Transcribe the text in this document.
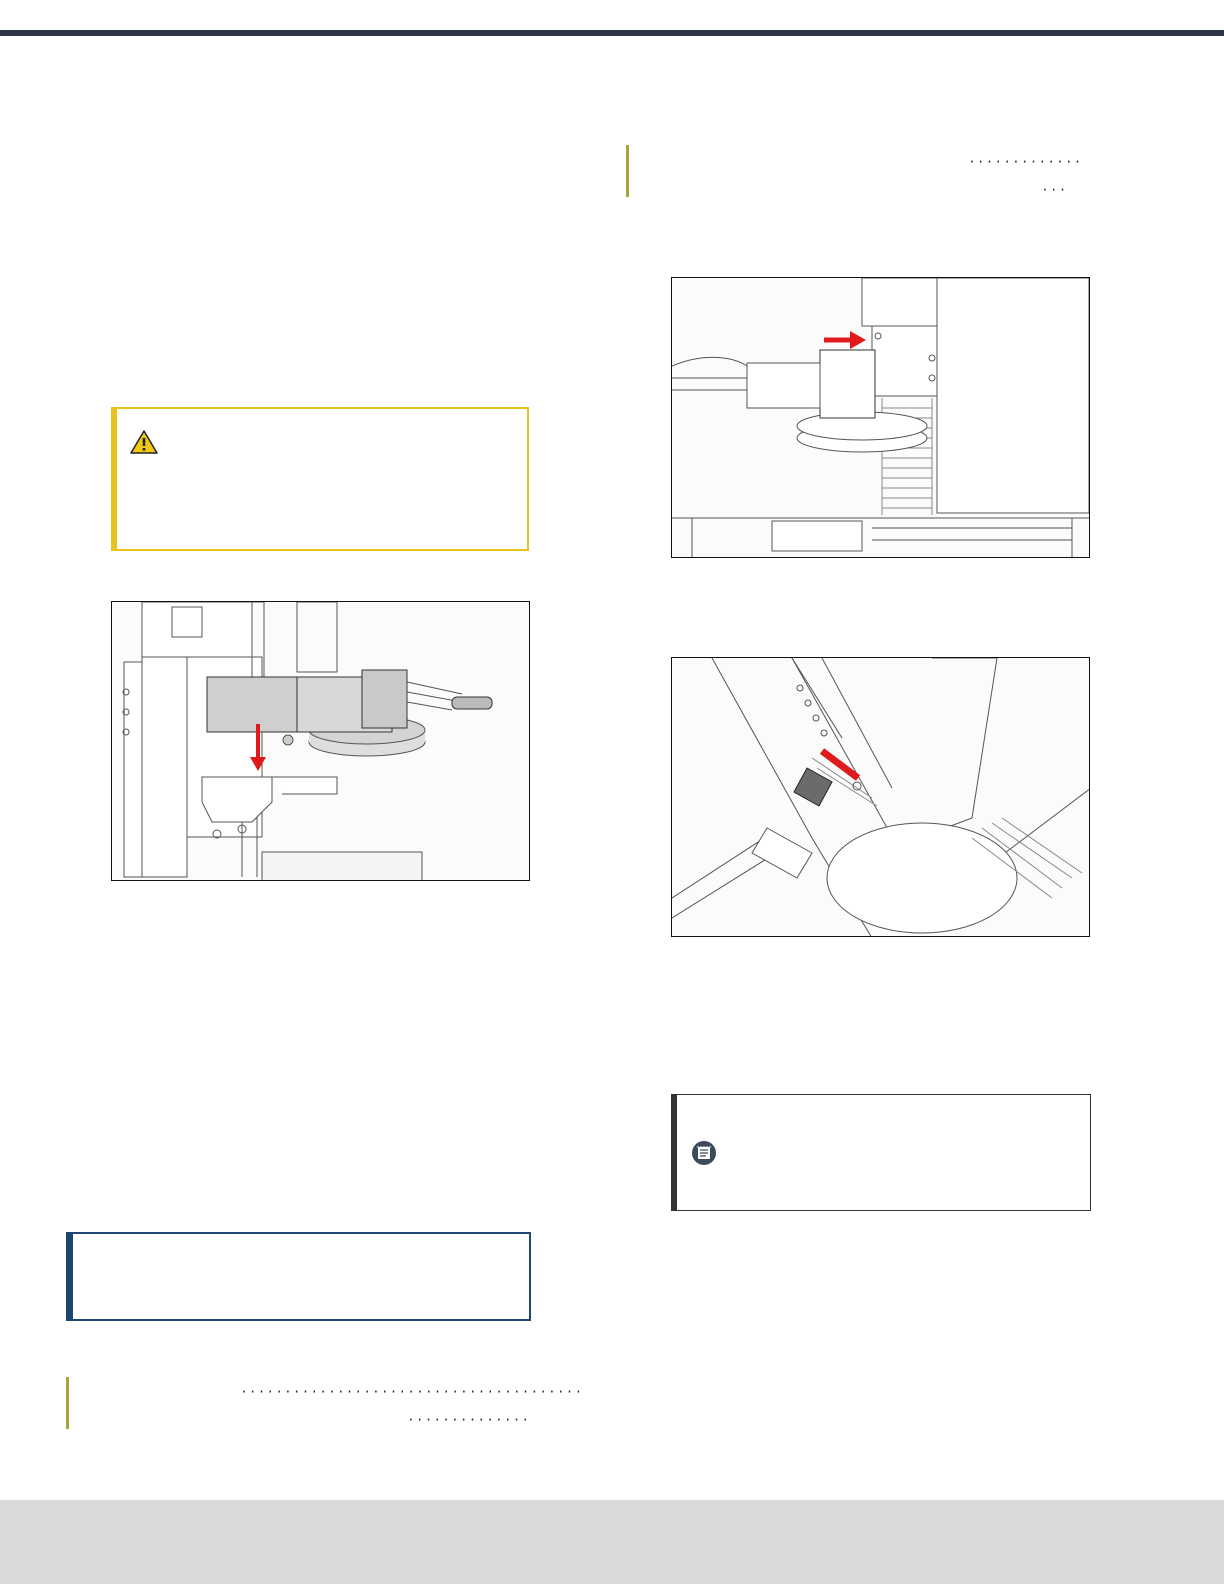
·············
···
·······································
··············
